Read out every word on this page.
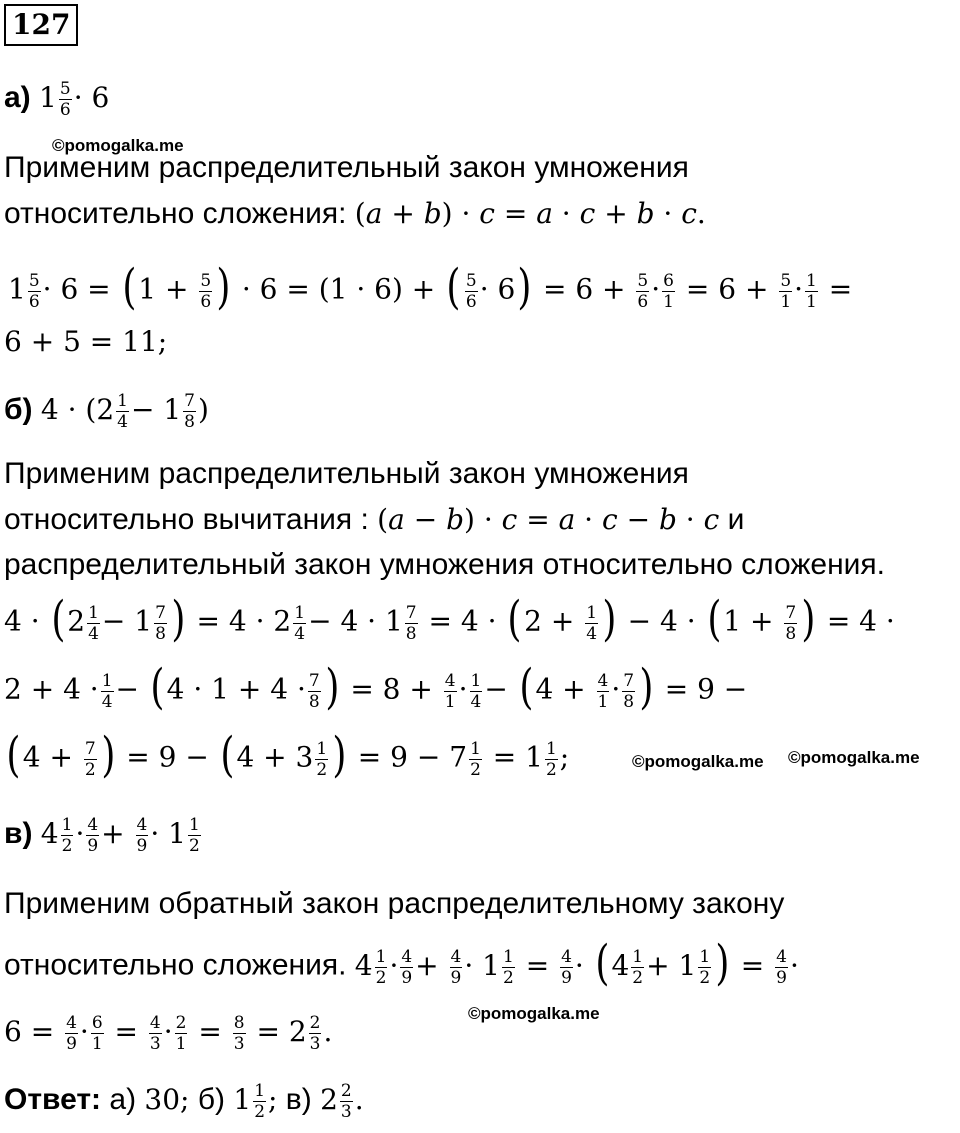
127
а) $1 \frac{5}{6} \cdot 6$
©pomogalka.me
Применим распределительный закон умножения
относительно сложения: (a + b) · c = a · c + b · c.
$1 \frac{5}{6} \cdot 6 = (1 + \frac{5}{6}$ ) · 6 = (1 · 6) + ( $\frac{5}{6} \cdot 6) = 6 + \frac{5}{6} \cdot \frac{6}{1} = 6 + \frac{5}{1} \cdot \frac{1}{1}$ =
6 + 5 = 11;
б) $4 \cdot (2 \frac{1}{4} - 1 \frac{7}{8}$ )
Применим распределительный закон умножения
относительно вычитания : (a − b) · c = a · c − b · c и
распределительный закон умножения относительно сложения.
$4 \cdot (2 \frac{1}{4} - 1 \frac{7}{8}$ ) = $4 \cdot 2 \frac{1}{4} - 4 \cdot 1 \frac{7}{8} = 4 \cdot (2 + \frac{1}{4}$ ) − $4 \cdot (1 + \frac{7}{8}$ ) = 4 ·
$2 + 4 \cdot \frac{1}{4} - (4 \cdot 1 + 4 \cdot \frac{7}{8}$ ) = $8 + \frac{4}{1} \cdot \frac{1}{4} - (4 + \frac{4}{1} \cdot \frac{7}{8}$ ) = 9 −
($4 + \frac{7}{2}$ ) = $9 - (4 + 3 \frac{1}{2}$ ) = $9 - 7 \frac{1}{2} = 1 \frac{1}{2}$ ;	©pomogalka.me ©pomogalka.me
в) $4 \frac{1}{2} \cdot \frac{4}{9} + \frac{4}{9} \cdot 1 \frac{1}{2}$
Применим обратный закон распределительному закону
относительно сложения. $4 \frac{1}{2} \cdot \frac{4}{9} + \frac{4}{9} \cdot 1 \frac{1}{2} = \frac{4}{9} \cdot (4 \frac{1}{2} + 1 \frac{1}{2}$ ) = $\frac{4}{9}$ ·
$6 = \frac{4}{9} \cdot \frac{6}{1} = \frac{4}{3} \cdot \frac{2}{1} = \frac{8}{3} = 2 \frac{2}{3}$ .
©pomogalka.me
Ответ: а) 30; б) $1 \frac{1}{2}$ ; в) $2 \frac{2}{3}$ .
